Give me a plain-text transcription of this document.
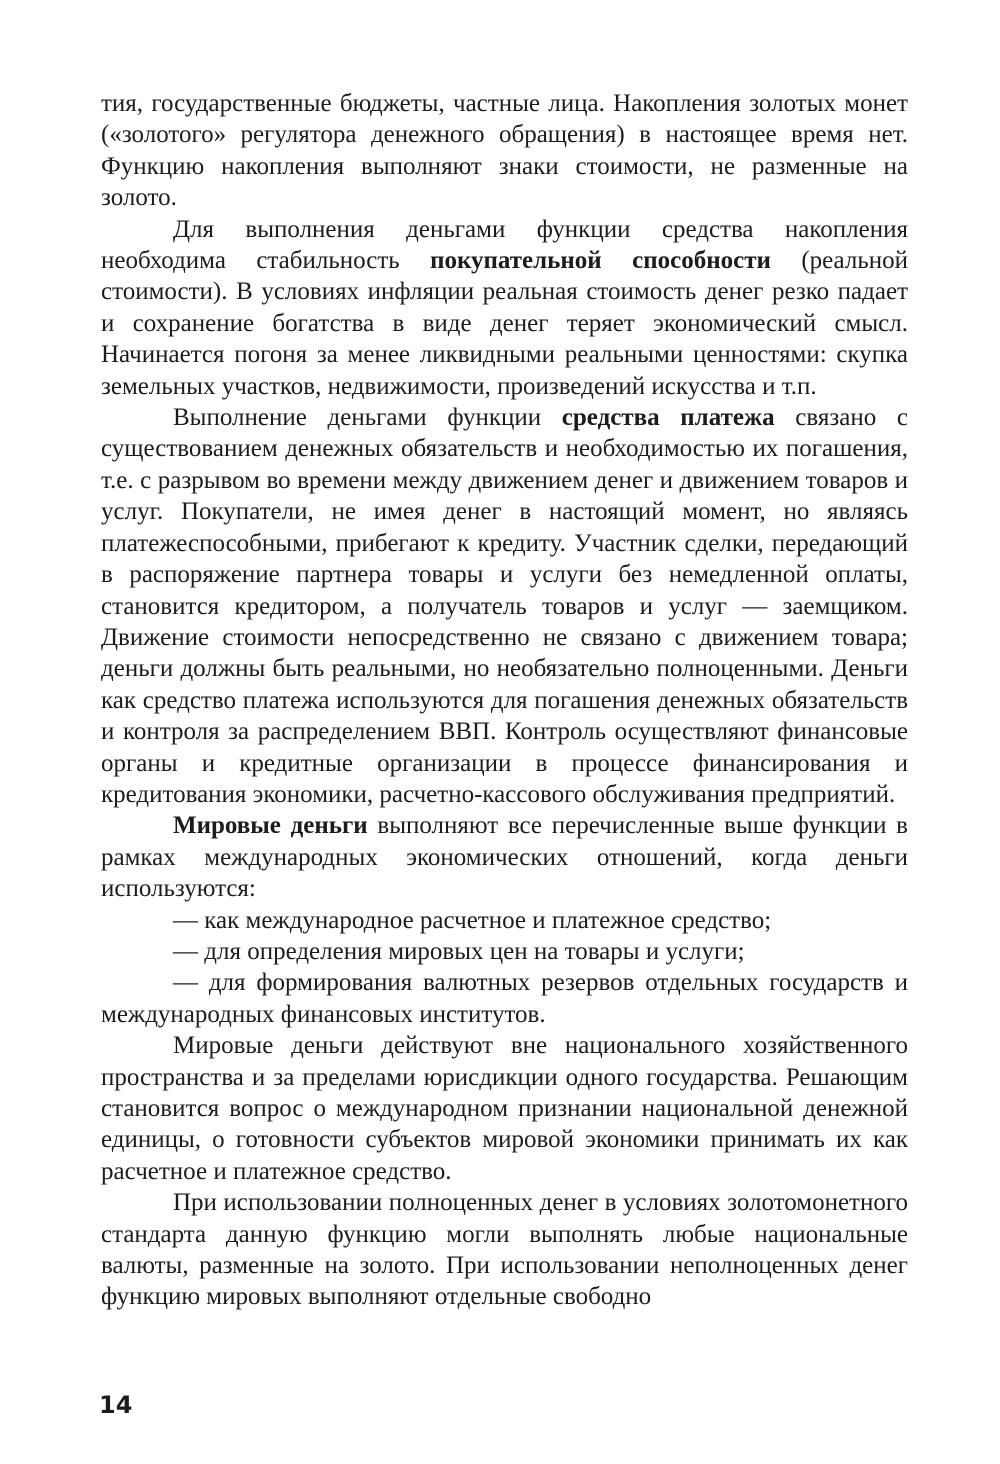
тия, государственные бюджеты, частные лица. Накопления золотых монет («золотого» регулятора денежного обращения) в настоящее время нет. Функцию накопления выполняют знаки стоимости, не разменные на золото.

Для выполнения деньгами функции средства накопления необходима стабильность покупательной способности (реальной стоимости). В условиях инфляции реальная стоимость денег резко падает и сохранение богатства в виде денег теряет экономический смысл. Начинается погоня за менее ликвидными реальными ценностями: скупка земельных участков, недвижимости, произведений искусства и т.п.

Выполнение деньгами функции средства платежа связано с существованием денежных обязательств и необходимостью их погашения, т.е. с разрывом во времени между движением денег и движением товаров и услуг. Покупатели, не имея денег в настоящий момент, но являясь платежеспособными, прибегают к кредиту. Участник сделки, передающий в распоряжение партнера товары и услуги без немедленной оплаты, становится кредитором, а получатель товаров и услуг — заемщиком. Движение стоимости непосредственно не связано с движением товара; деньги должны быть реальными, но необязательно полноценными. Деньги как средство платежа используются для погашения денежных обязательств и контроля за распределением ВВП. Контроль осуществляют финансовые органы и кредитные организации в процессе финансирования и кредитования экономики, расчетно-кассового обслуживания предприятий.

Мировые деньги выполняют все перечисленные выше функции в рамках международных экономических отношений, когда деньги используются:

— как международное расчетное и платежное средство;

— для определения мировых цен на товары и услуги;

— для формирования валютных резервов отдельных государств и международных финансовых институтов.

Мировые деньги действуют вне национального хозяйственного пространства и за пределами юрисдикции одного государства. Решающим становится вопрос о международном признании национальной денежной единицы, о готовности субъектов мировой экономики принимать их как расчетное и платежное средство.

При использовании полноценных денег в условиях золотомонетного стандарта данную функцию могли выполнять любые национальные валюты, разменные на золото. При использовании неполноценных денег функцию мировых выполняют отдельные свободно

14
